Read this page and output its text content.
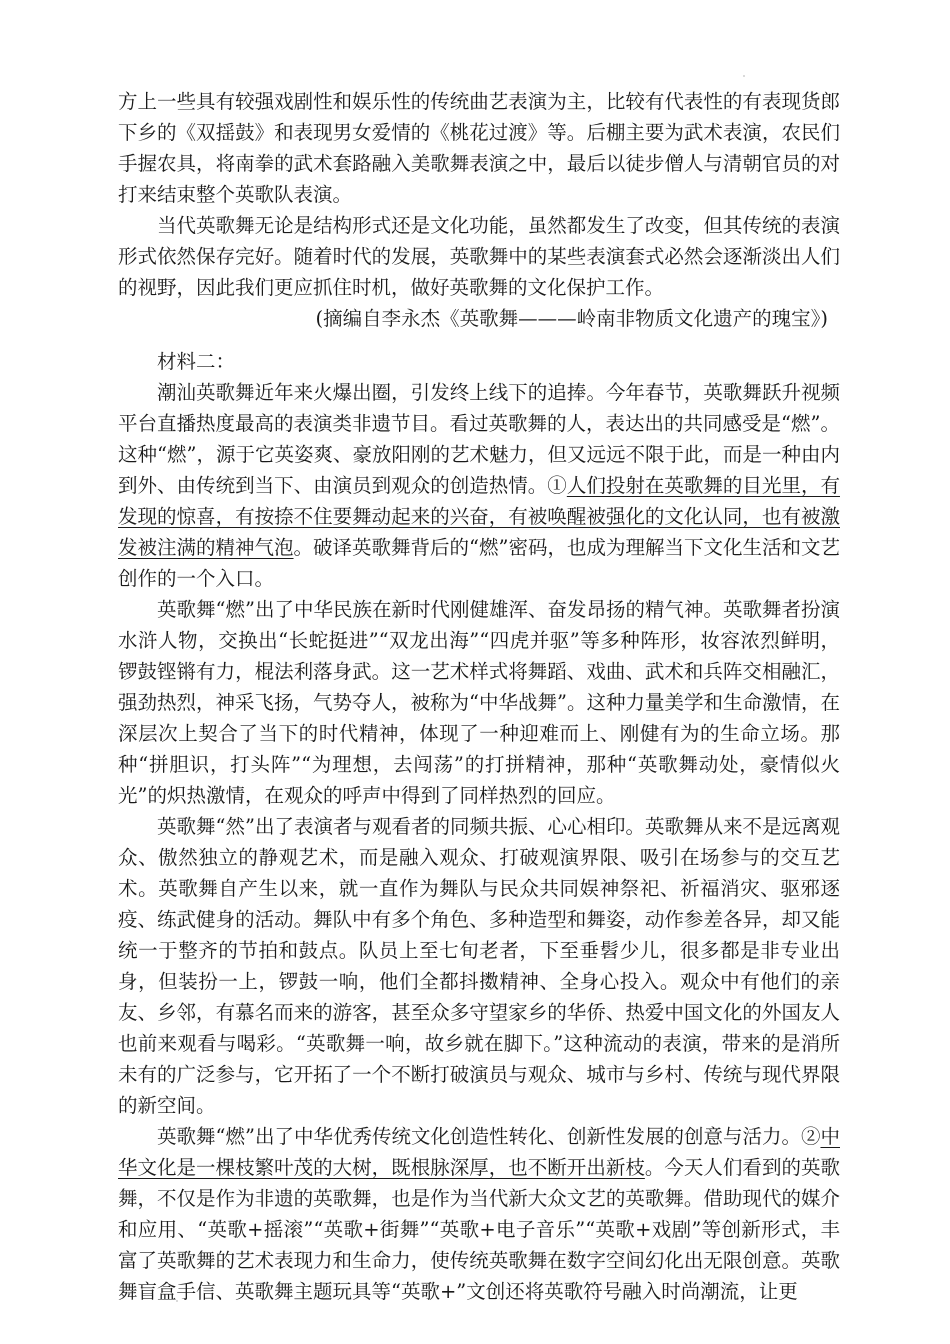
方上一些具有较强戏剧性和娱乐性的传统曲艺表演为主，比较有代表性的有表现货郎下乡的《双揺鼓》和表现男女爱情的《桃花过渡》等。后棚主要为武术表演，农民们手握农具，将南拳的武术套路融入美歌舞表演之中，最后以徒步僧人与清朝官员的对打来结束整个英歌队表演。

当代英歌舞无论是结构形式还是文化功能，虽然都发生了改变，但其传统的表演形式依然保存完好。随着时代的发展，英歌舞中的某些表演套式必然会逐渐淡出人们的视野，因此我们更应抓住时机，做好英歌舞的文化保护工作。

(摘编自李永杰《英歌舞———岭南非物质文化遗产的瑰宝》)

材料二：

潮汕英歌舞近年来火爆出圈，引发终上线下的追捧。今年春节，英歌舞跃升视频平台直播热度最高的表演类非遗节目。看过英歌舞的人，表达出的共同感受是“燃”。这种“燃”，源于它英姿爽、豪放阳刚的艺术魅力，但又远远不限于此，而是一种由内到外、由传统到当下、由演员到观众的创造热情。①人们投射在英歌舞的目光里，有发现的惊喜，有按捺不住要舞动起来的兴奋，有被唤醒被强化的文化认同，也有被激发被注满的精神气泡。破译英歌舞背后的“燃”密码，也成为理解当下文化生活和文艺创作的一个入口。

英歌舞“燃”出了中华民族在新时代刚健雄浑、奋发昂扬的精气神。英歌舞者扮演水浒人物，交换出“长蛇挺进”“双龙出海”“四虎并驱”等多种阵形，妆容浓烈鲜明，锣鼓铿锵有力，棍法利落身武。这一艺术样式将舞蹈、戏曲、武术和兵阵交相融汇，强劲热烈，神采飞扬，气势夺人，被称为“中华战舞”。这种力量美学和生命激情，在深层次上契合了当下的时代精神，体现了一种迎难而上、刚健有为的生命立场。那种“拼胆识，打头阵”“为理想，去闯荡”的打拼精神，那种“英歌舞动处，豪情似火光”的炽热激情，在观众的呼声中得到了同样热烈的回应。

英歌舞“然”出了表演者与观看者的同频共振、心心相印。英歌舞从来不是远离观众、傲然独立的静观艺术，而是融入观众、打破观演界限、吸引在场参与的交互艺术。英歌舞自产生以来，就一直作为舞队与民众共同娱神祭祀、祈福消灾、驱邪逐疫、练武健身的活动。舞队中有多个角色、多种造型和舞姿，动作参差各异，却又能统一于整齐的节拍和鼓点。队员上至七旬老者，下至垂髫少儿，很多都是非专业出身，但装扮一上，锣鼓一响，他们全都抖擞精神、全身心投入。观众中有他们的亲友、乡邻，有慕名而来的游客，甚至众多守望家乡的华侨、热爱中国文化的外国友人也前来观看与喝彩。“英歌舞一响，故乡就在脚下。”这种流动的表演，带来的是消所未有的广泛参与，它开拓了一个不断打破演员与观众、城市与乡村、传统与现代界限的新空间。

英歌舞“燃”出了中华优秀传统文化创造性转化、创新性发展的创意与活力。②中华文化是一棵枝繁叶茂的大树，既根脉深厚，也不断开出新枝。今天人们看到的英歌舞，不仅是作为非遗的英歌舞，也是作为当代新大众文艺的英歌舞。借助现代的媒介和应用、“英歌+摇滚”“英歌+街舞”“英歌+电子音乐”“英歌+戏剧”等创新形式，丰富了英歌舞的艺术表现力和生命力，使传统英歌舞在数字空间幻化出无限创意。英歌舞盲盒手信、英歌舞主题玩具等“英歌+”文创还将英歌符号融入时尚潮流，让更
